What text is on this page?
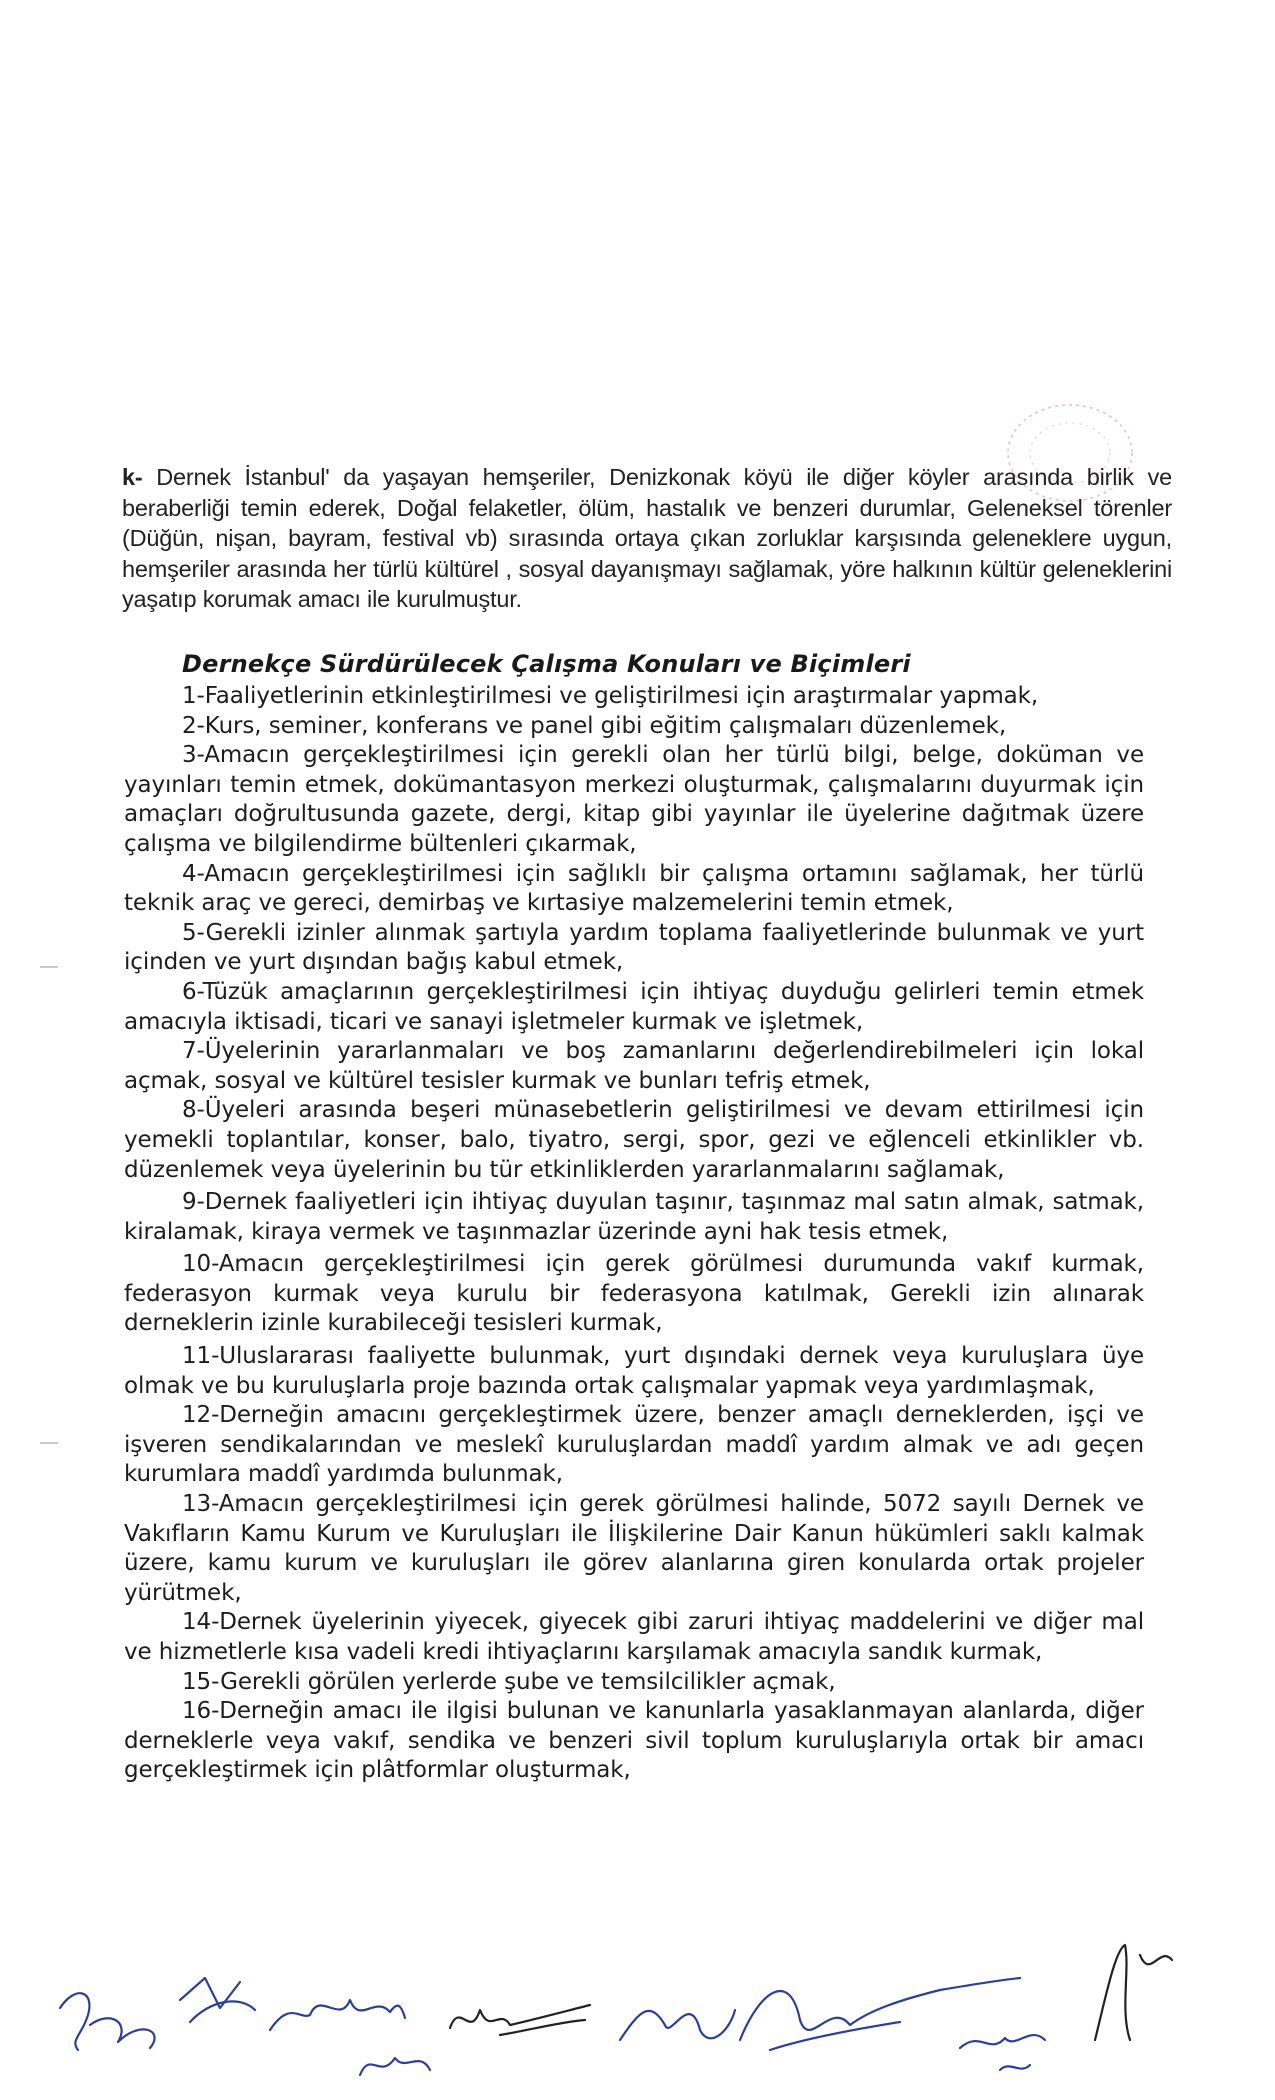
k- Dernek İstanbul' da yaşayan hemşeriler, Denizkonak köyü ile diğer köyler arasında birlik ve beraberliği temin ederek, Doğal felaketler, ölüm, hastalık ve benzeri durumlar, Geleneksel törenler (Düğün, nişan, bayram, festival vb) sırasında ortaya çıkan zorluklar karşısında geleneklere uygun, hemşeriler arasında her türlü kültürel , sosyal dayanışmayı sağlamak, yöre halkının kültür geleneklerini yaşatıp korumak amacı ile kurulmuştur.
Dernekçe Sürdürülecek Çalışma Konuları ve Biçimleri

1-Faaliyetlerinin etkinleştirilmesi ve geliştirilmesi için araştırmalar yapmak,

2-Kurs, seminer, konferans ve panel gibi eğitim çalışmaları düzenlemek,

3-Amacın gerçekleştirilmesi için gerekli olan her türlü bilgi, belge, doküman ve yayınları temin etmek, dokümantasyon merkezi oluşturmak, çalışmalarını duyurmak için amaçları doğrultusunda gazete, dergi, kitap gibi yayınlar ile üyelerine dağıtmak üzere çalışma ve bilgilendirme bültenleri çıkarmak,

4-Amacın gerçekleştirilmesi için sağlıklı bir çalışma ortamını sağlamak, her türlü teknik araç ve gereci, demirbaş ve kırtasiye malzemelerini temin etmek,

5-Gerekli izinler alınmak şartıyla yardım toplama faaliyetlerinde bulunmak ve yurt içinden ve yurt dışından bağış kabul etmek,

6-Tüzük amaçlarının gerçekleştirilmesi için ihtiyaç duyduğu gelirleri temin etmek amacıyla iktisadi, ticari ve sanayi işletmeler kurmak ve işletmek,

7-Üyelerinin yararlanmaları ve boş zamanlarını değerlendirebilmeleri için lokal açmak, sosyal ve kültürel tesisler kurmak ve bunları tefriş etmek,

8-Üyeleri arasında beşeri münasebetlerin geliştirilmesi ve devam ettirilmesi için yemekli toplantılar, konser, balo, tiyatro, sergi, spor, gezi ve eğlenceli etkinlikler vb. düzenlemek veya üyelerinin bu tür etkinliklerden yararlanmalarını sağlamak,

9-Dernek faaliyetleri için ihtiyaç duyulan taşınır, taşınmaz mal satın almak, satmak, kiralamak, kiraya vermek ve taşınmazlar üzerinde ayni hak tesis etmek,

10-Amacın gerçekleştirilmesi için gerek görülmesi durumunda vakıf kurmak, federasyon kurmak veya kurulu bir federasyona katılmak, Gerekli izin alınarak derneklerin izinle kurabileceği tesisleri kurmak,

11-Uluslararası faaliyette bulunmak, yurt dışındaki dernek veya kuruluşlara üye olmak ve bu kuruluşlarla proje bazında ortak çalışmalar yapmak veya yardımlaşmak,

12-Derneğin amacını gerçekleştirmek üzere, benzer amaçlı derneklerden, işçi ve işveren sendikalarından ve meslekî kuruluşlardan maddî yardım almak ve adı geçen kurumlara maddî yardımda bulunmak,

13-Amacın gerçekleştirilmesi için gerek görülmesi halinde, 5072 sayılı Dernek ve Vakıfların Kamu Kurum ve Kuruluşları ile İlişkilerine Dair Kanun hükümleri saklı kalmak üzere, kamu kurum ve kuruluşları ile görev alanlarına giren konularda ortak projeler yürütmek,

14-Dernek üyelerinin yiyecek, giyecek gibi zaruri ihtiyaç maddelerini ve diğer mal ve hizmetlerle kısa vadeli kredi ihtiyaçlarını karşılamak amacıyla sandık kurmak,

15-Gerekli görülen yerlerde şube ve temsilcilikler açmak,

16-Derneğin amacı ile ilgisi bulunan ve kanunlarla yasaklanmayan alanlarda, diğer derneklerle veya vakıf, sendika ve benzeri sivil toplum kuruluşlarıyla ortak bir amacı gerçekleştirmek için plâtformlar oluşturmak,
